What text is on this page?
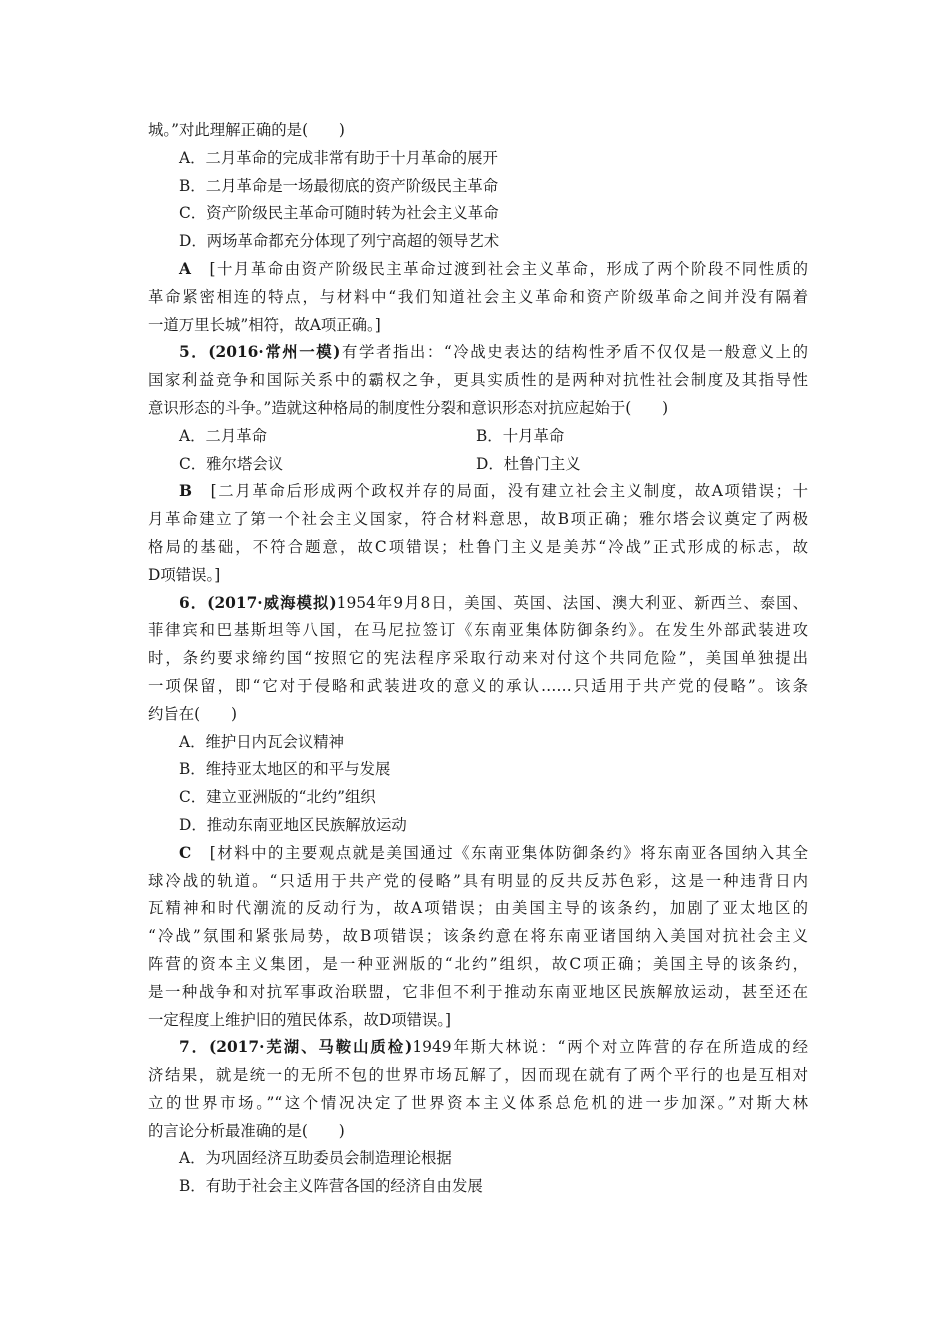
城。”对此理解正确的是(　　)
A．二月革命的完成非常有助于十月革命的展开
B．二月革命是一场最彻底的资产阶级民主革命
C．资产阶级民主革命可随时转为社会主义革命
D．两场革命都充分体现了列宁高超的领导艺术
A　 [十月革命由资产阶级民主革命过渡到社会主义革命，形成了两个阶段不同性质的
革命紧密相连的特点，与材料中“我们知道社会主义革命和资产阶级革命之间并没有隔着
一道万里长城”相符，故A项正确。]
5．(2016·常州一模)有学者指出：“冷战史表达的结构性矛盾不仅仅是一般意义上的
国家利益竞争和国际关系中的霸权之争，更具实质性的是两种对抗性社会制度及其指导性
意识形态的斗争。”造就这种格局的制度性分裂和意识形态对抗应起始于(　　)
A．二月革命	B．十月革命
C．雅尔塔会议	D．杜鲁门主义
B　 [二月革命后形成两个政权并存的局面，没有建立社会主义制度，故A项错误；十
月革命建立了第一个社会主义国家，符合材料意思，故B项正确；雅尔塔会议奠定了两极
格局的基础，不符合题意，故C项错误；杜鲁门主义是美苏“冷战”正式形成的标志，故
D项错误。]
6．(2017·威海模拟)1954年9月8日，美国、英国、法国、澳大利亚、新西兰、泰国、
菲律宾和巴基斯坦等八国，在马尼拉签订《东南亚集体防御条约》。在发生外部武装进攻
时，条约要求缔约国“按照它的宪法程序采取行动来对付这个共同危险”，美国单独提出
一项保留，即“它对于侵略和武装进攻的意义的承认……只适用于共产党的侵略”。该条
约旨在(　　)
A．维护日内瓦会议精神
B．维持亚太地区的和平与发展
C．建立亚洲版的“北约”组织
D．推动东南亚地区民族解放运动
C　 [材料中的主要观点就是美国通过《东南亚集体防御条约》将东南亚各国纳入其全
球冷战的轨道。“只适用于共产党的侵略”具有明显的反共反苏色彩，这是一种违背日内
瓦精神和时代潮流的反动行为，故A项错误；由美国主导的该条约，加剧了亚太地区的
“冷战”氛围和紧张局势，故B项错误；该条约意在将东南亚诸国纳入美国对抗社会主义
阵营的资本主义集团，是一种亚洲版的“北约”组织，故C项正确；美国主导的该条约，
是一种战争和对抗军事政治联盟，它非但不利于推动东南亚地区民族解放运动，甚至还在
一定程度上维护旧的殖民体系，故D项错误。]
7．(2017·芜湖、马鞍山质检)1949年斯大林说：“两个对立阵营的存在所造成的经
济结果，就是统一的无所不包的世界市场瓦解了，因而现在就有了两个平行的也是互相对
立的世界市场。”“这个情况决定了世界资本主义体系总危机的进一步加深。”对斯大林
的言论分析最准确的是(　　)
A．为巩固经济互助委员会制造理论根据
B．有助于社会主义阵营各国的经济自由发展
